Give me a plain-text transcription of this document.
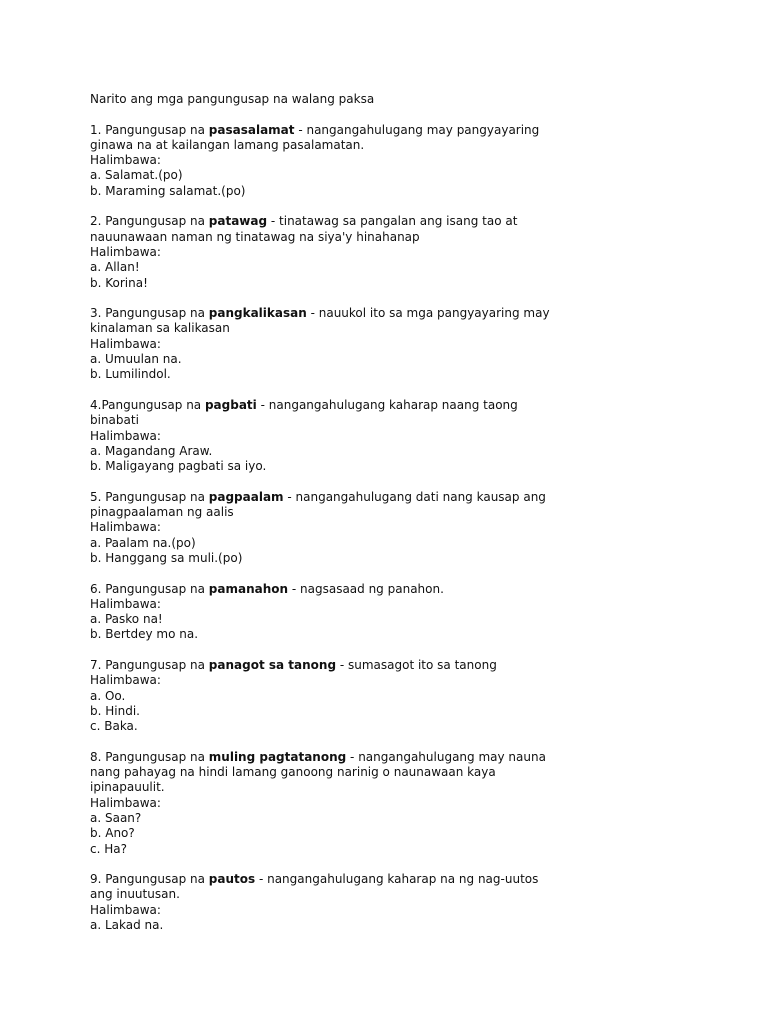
Narito ang mga pangungusap na walang paksa

1. Pangungusap na pasasalamat - nangangahulugang may pangyayaring ginawa na at kailangan lamang pasalamatan.

Halimbawa:

a. Salamat.(po)
b. Maraming salamat.(po)

2. Pangungusap na patawag - tinatawag sa pangalan ang isang tao at nauunawaan naman ng tinatawag na siya'y hinahanap

Halimbawa:

a. Allan!
b. Korina!

3. Pangungusap na pangkalikasan - nauukol ito sa mga pangyayaring may kinalaman sa kalikasan

Halimbawa:

a. Umuulan na.
b. Lumilindol.

4.Pangungusap na pagbati - nangangahulugang kaharap naang taong binabati

Halimbawa:

a. Magandang Araw.
b. Maligayang pagbati sa iyo.

5. Pangungusap na pagpaalam - nangangahulugang dati nang kausap ang pinagpaalaman ng aalis

Halimbawa:

a. Paalam na.(po)
b. Hanggang sa muli.(po)

6. Pangungusap na pamanahon - nagsasaad ng panahon.

Halimbawa:

a. Pasko na!
b. Bertdey mo na.

7. Pangungusap na panagot sa tanong - sumasagot ito sa tanong

Halimbawa:

a. Oo.
b. Hindi.
c. Baka.

8. Pangungusap na muling pagtatanong - nangangahulugang may nauna nang pahayag na hindi lamang ganoong narinig o naunawaan kaya ipinapauulit.

Halimbawa:

a. Saan?
b. Ano?
c. Ha?

9. Pangungusap na pautos - nangangahulugang kaharap na ng nag-uutos ang inuutusan.

Halimbawa:

a. Lakad na.
